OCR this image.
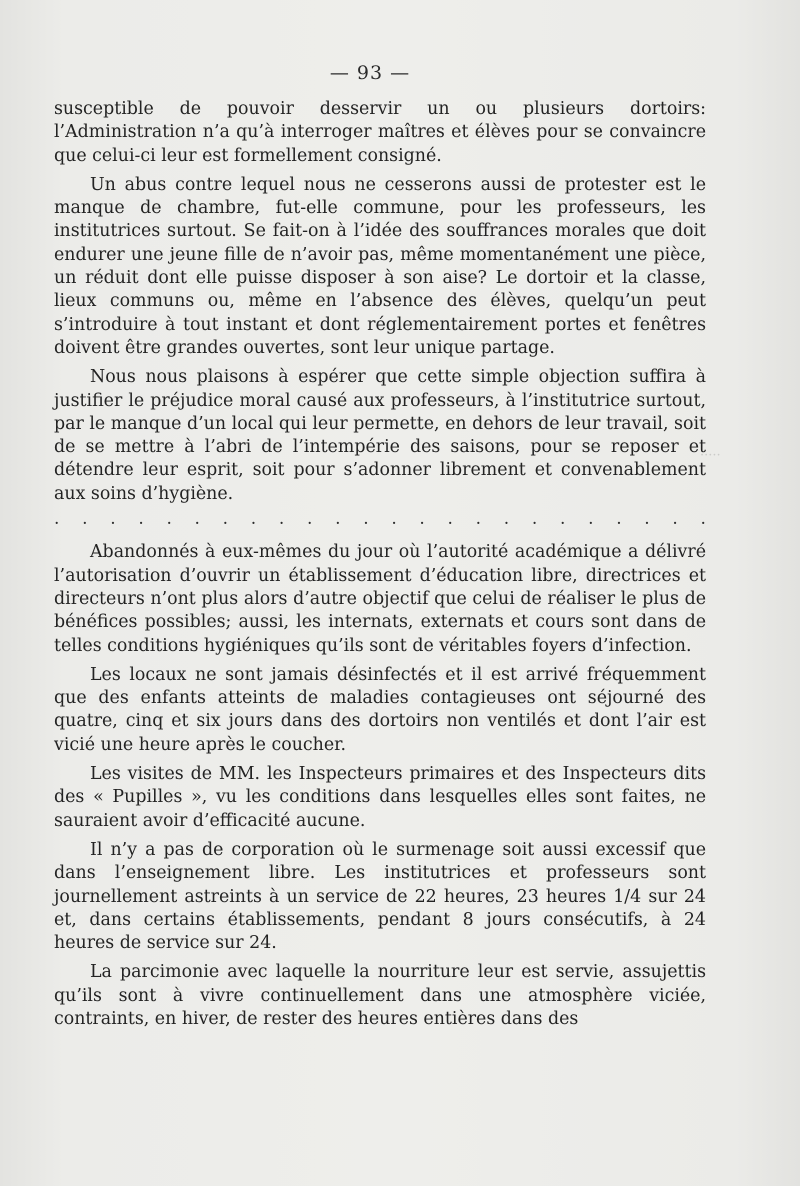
— 93 —
·····

susceptible de pouvoir desservir un ou plusieurs dortoirs: l’Administration n’a qu’à interroger maîtres et élèves pour se convaincre que celui-ci leur est formellement consigné.

Un abus contre lequel nous ne cesserons aussi de protester est le manque de chambre, fut-elle commune, pour les professeurs, les institutrices surtout. Se fait-on à l’idée des souffrances morales que doit endurer une jeune fille de n’avoir pas, même momentanément une pièce, un réduit dont elle puisse disposer à son aise? Le dortoir et la classe, lieux communs ou, même en l’absence des élèves, quelqu’un peut s’introduire à tout instant et dont réglementairement portes et fenêtres doivent être grandes ouvertes, sont leur unique partage.

Nous nous plaisons à espérer que cette simple objection suffira à justifier le préjudice moral causé aux professeurs, à l’institutrice surtout, par le manque d’un local qui leur permette, en dehors de leur travail, soit de se mettre à l’abri de l’intempérie des saisons, pour se reposer et détendre leur esprit, soit pour s’adonner librement et convenablement aux soins d’hygiène.

. . . . . . . . . . . . . . . . . . . . . . . .

Abandonnés à eux-mêmes du jour où l’autorité académique a délivré l’autorisation d’ouvrir un établissement d’éducation libre, directrices et directeurs n’ont plus alors d’autre objectif que celui de réaliser le plus de bénéfices possibles; aussi, les internats, externats et cours sont dans de telles conditions hygiéniques qu’ils sont de véritables foyers d’infection.

Les locaux ne sont jamais désinfectés et il est arrivé fréquemment que des enfants atteints de maladies contagieuses ont séjourné des quatre, cinq et six jours dans des dortoirs non ventilés et dont l’air est vicié une heure après le coucher.

Les visites de MM. les Inspecteurs primaires et des Inspecteurs dits des « Pupilles », vu les conditions dans lesquelles elles sont faites, ne sauraient avoir d’efficacité aucune.

Il n’y a pas de corporation où le surmenage soit aussi excessif que dans l’enseignement libre. Les institutrices et professeurs sont journellement astreints à un service de 22 heures, 23 heures 1/4 sur 24 et, dans certains établissements, pendant 8 jours consécutifs, à 24 heures de service sur 24.

La parcimonie avec laquelle la nourriture leur est servie, assujettis qu’ils sont à vivre continuellement dans une atmosphère viciée, contraints, en hiver, de rester des heures entières dans des
